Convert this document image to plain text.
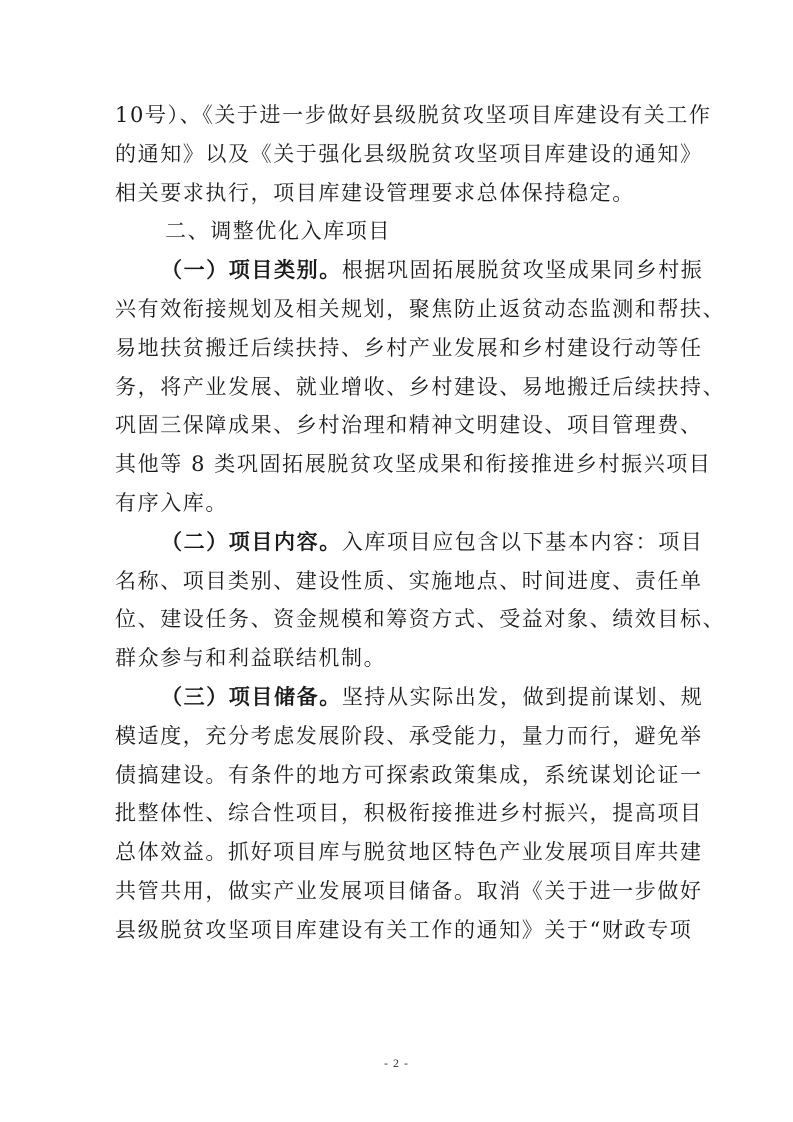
10号）、《关于进一步做好县级脱贫攻坚项目库建设有关工作
的通知》以及《关于强化县级脱贫攻坚项目库建设的通知》
相关要求执行，项目库建设管理要求总体保持稳定。
二、调整优化入库项目
（一）项目类别。根据巩固拓展脱贫攻坚成果同乡村振
兴有效衔接规划及相关规划，聚焦防止返贫动态监测和帮扶、
易地扶贫搬迁后续扶持、乡村产业发展和乡村建设行动等任
务，将产业发展、就业增收、乡村建设、易地搬迁后续扶持、
巩固三保障成果、乡村治理和精神文明建设、项目管理费、
其他等 8 类巩固拓展脱贫攻坚成果和衔接推进乡村振兴项目
有序入库。
（二）项目内容。入库项目应包含以下基本内容：项目
名称、项目类别、建设性质、实施地点、时间进度、责任单
位、建设任务、资金规模和筹资方式、受益对象、绩效目标、
群众参与和利益联结机制。
（三）项目储备。坚持从实际出发，做到提前谋划、规
模适度，充分考虑发展阶段、承受能力，量力而行，避免举
债搞建设。有条件的地方可探索政策集成，系统谋划论证一
批整体性、综合性项目，积极衔接推进乡村振兴，提高项目
总体效益。抓好项目库与脱贫地区特色产业发展项目库共建
共管共用，做实产业发展项目储备。取消《关于进一步做好
县级脱贫攻坚项目库建设有关工作的通知》关于“财政专项
- 2 -
